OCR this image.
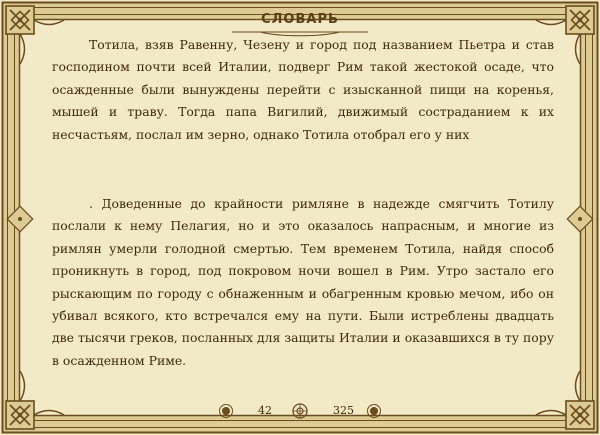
СЛОВАРЬ
Тотила, взяв Равенну, Чезену и город под названием Пьетра и став господином почти всей Италии, подверг Рим такой жестокой осаде, что осажденные были вынуждены перейти с изысканной пищи на коренья, мышей и траву. Тогда папа Вигилий, движимый состраданием к их несчастьям, послал им зерно, однако Тотила отобрал его у них
. Доведенные до крайности римляне в надежде смягчить Тотилу послали к нему Пелагия, но и это оказалось напрасным, и многие из римлян умерли голодной смертью. Тем временем Тотила, найдя способ проникнуть в город, под покровом ночи вошел в Рим. Утро застало его рыскающим по городу с обнаженным и обагренным кровью мечом, ибо он убивал всякого, кто встречался ему на пути. Были истреблены двадцать две тысячи греков, посланных для защиты Италии и оказавшихся в ту пору в осажденном Риме.
42	325
